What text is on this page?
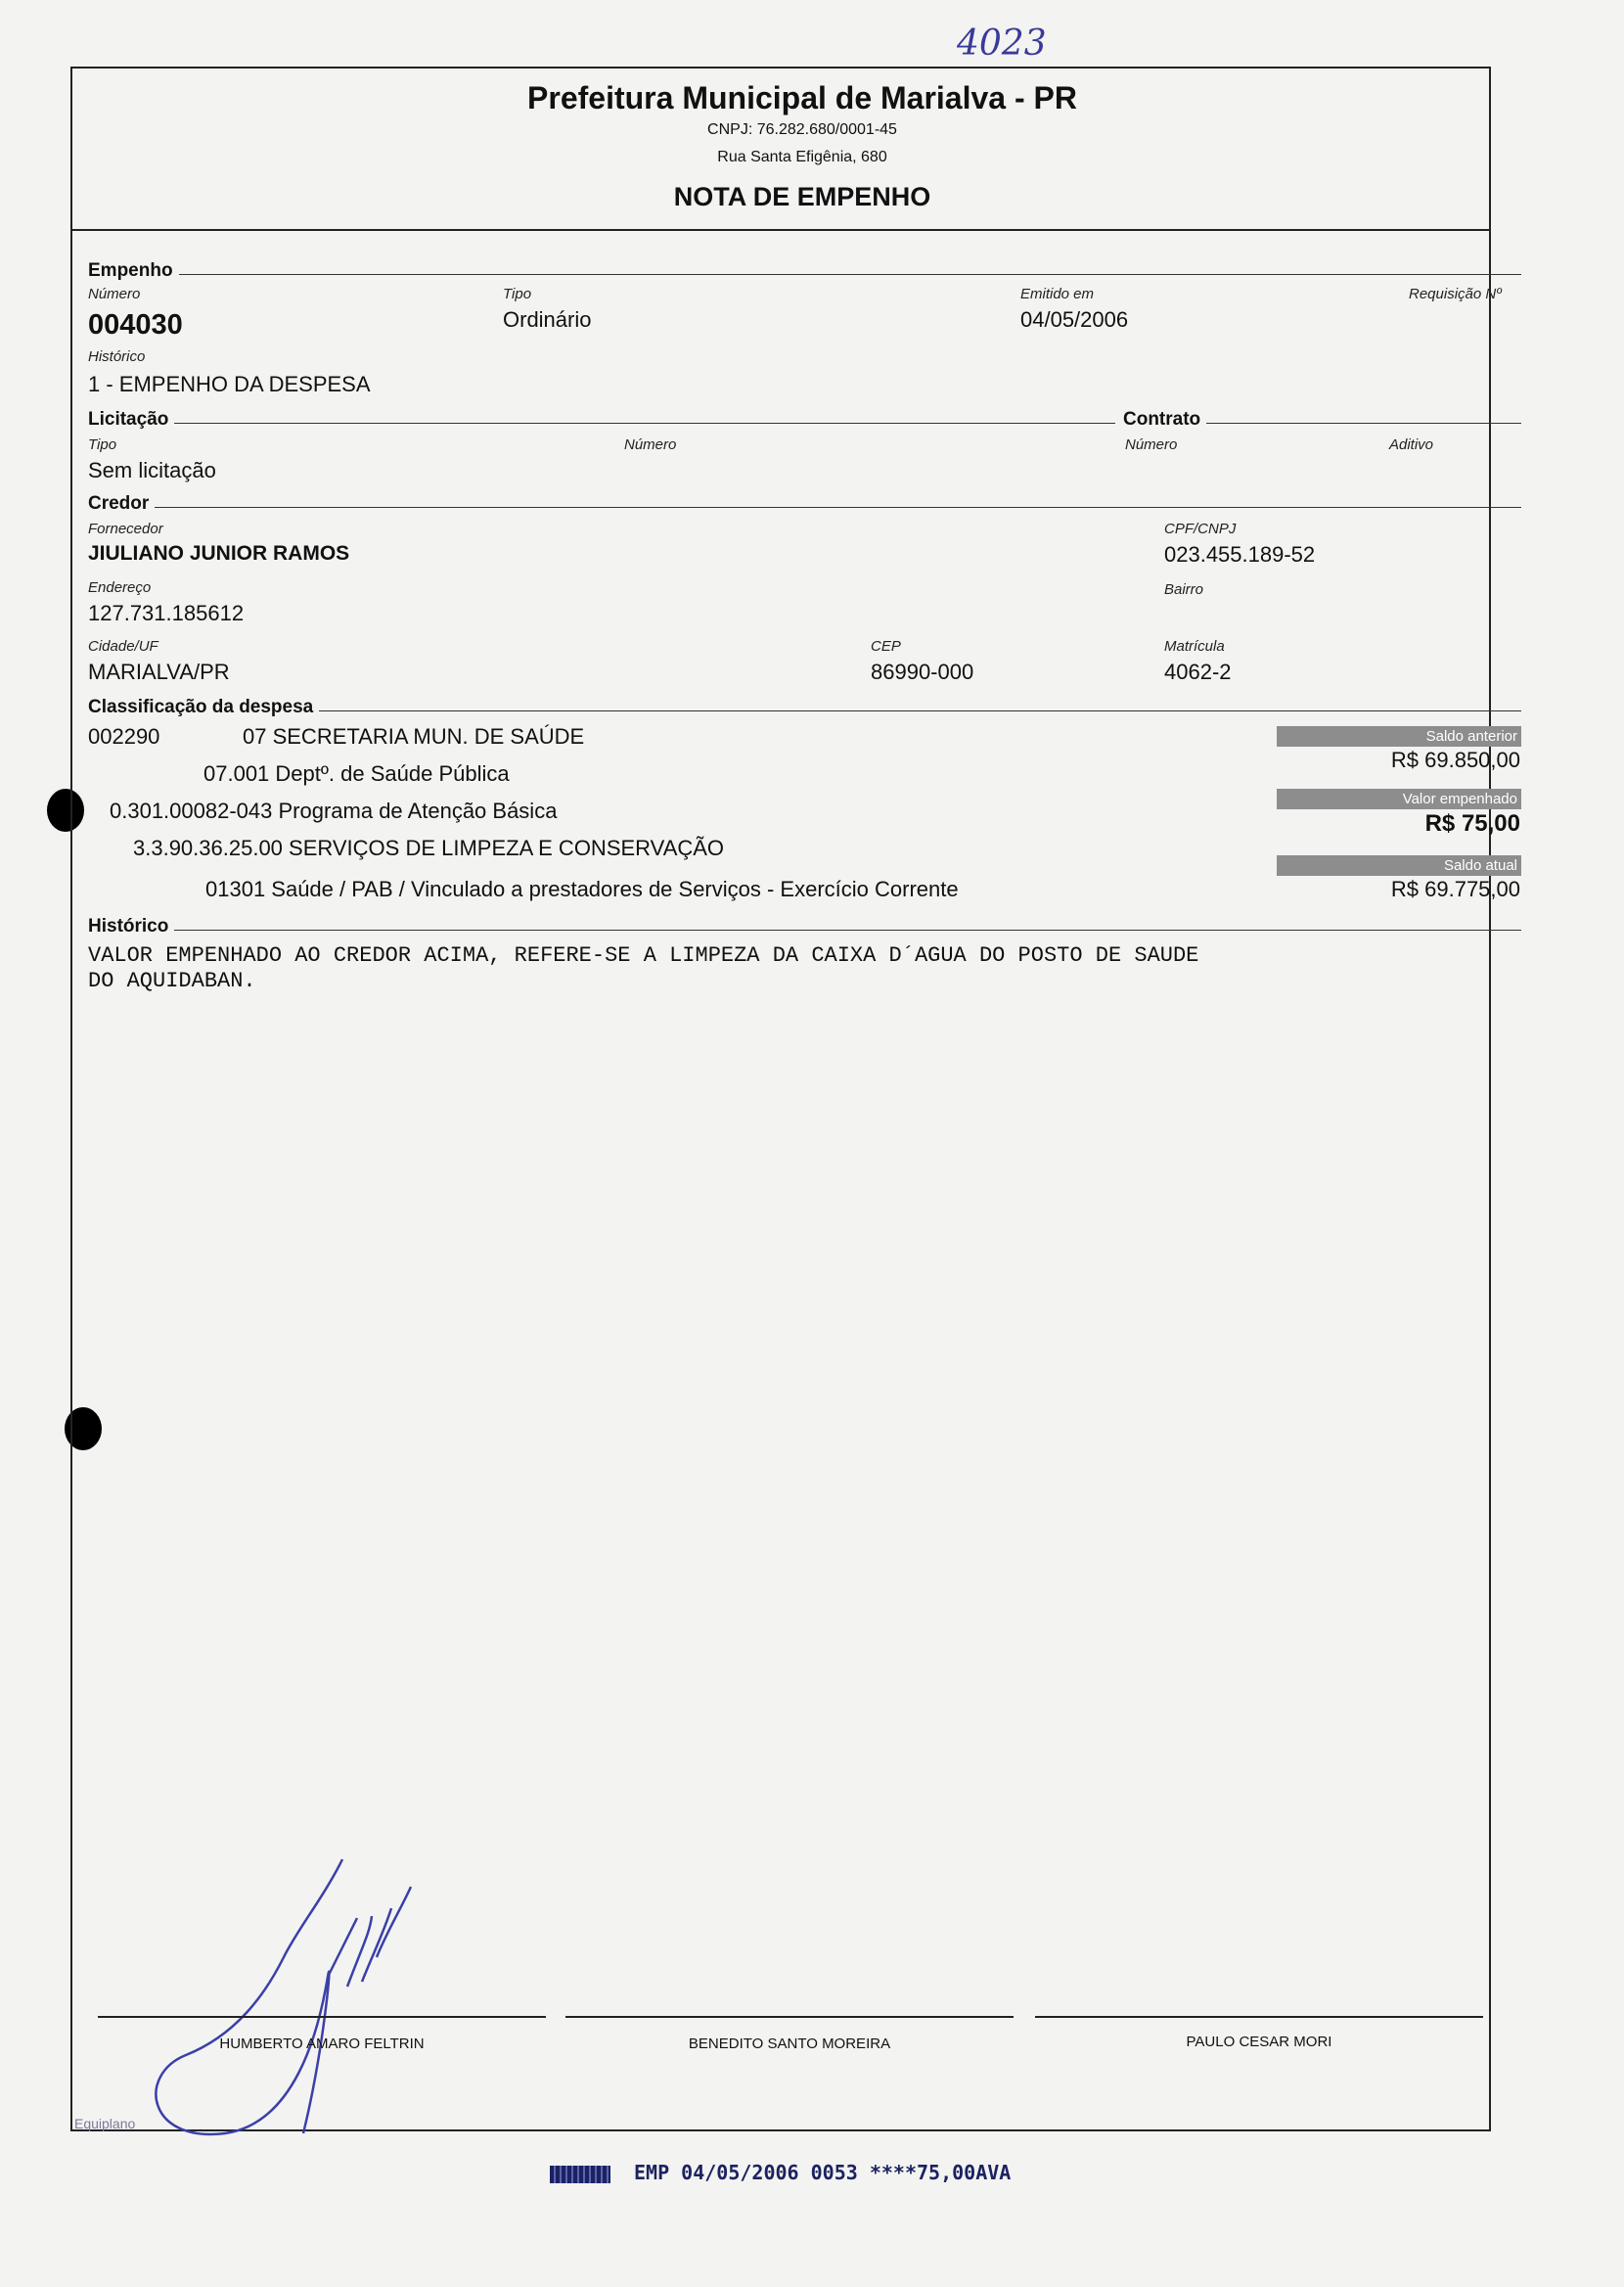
4023
Prefeitura Municipal de Marialva - PR
CNPJ: 76.282.680/0001-45
Rua Santa Efigênia, 680
NOTA DE EMPENHO
Empenho
Número
004030
Tipo
Ordinário
Emitido em
04/05/2006
Requisição Nº
Histórico
1 - EMPENHO DA DESPESA
Licitação	Contrato
Tipo
Sem licitação
Número	Número	Aditivo
Credor
Fornecedor
JIULIANO JUNIOR RAMOS
CPF/CNPJ
023.455.189-52
Endereço
127.731.185612
Bairro
Cidade/UF
MARIALVA/PR
CEP
86990-000
Matrícula
4062-2
Classificação da despesa
002290	07 SECRETARIA MUN. DE SAÚDE
07.001 Deptº. de Saúde Pública
0.301.00082-043 Programa de Atenção Básica
3.3.90.36.25.00 SERVIÇOS DE LIMPEZA E CONSERVAÇÃO
01301 Saúde / PAB / Vinculado a prestadores de Serviços - Exercício Corrente
Saldo anterior
R$ 69.850,00
Valor empenhado
R$ 75,00
Saldo atual
R$ 69.775,00
Histórico
VALOR EMPENHADO AO CREDOR ACIMA, REFERE-SE A LIMPEZA DA CAIXA D´AGUA DO POSTO DE SAUDE
DO AQUIDABAN.
HUMBERTO AMARO FELTRIN	BENEDITO SANTO MOREIRA	PAULO CESAR MORI
Equiplano
EMP 04/05/2006 0053 ****75,00AVA
